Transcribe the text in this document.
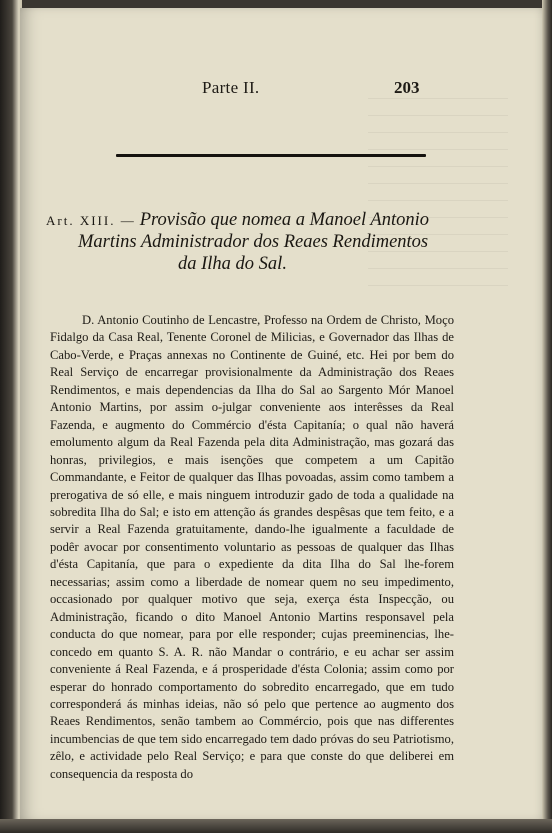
Parte II.	203
Art. XIII. — Provisão que nomea a Manoel Antonio
Martins Administrador dos Reaes Rendimentos
da Ilha do Sal.

D. Antonio Coutinho de Lencastre, Professo na Ordem de Christo, Moço Fidalgo da Casa Real, Tenente Coronel de Milicias, e Governador das Ilhas de Cabo-Verde, e Praças annexas no Continente de Guiné, etc. Hei por bem do Real Serviço de encarregar provisionalmente da Administração dos Reaes Rendimentos, e mais dependencias da Ilha do Sal ao Sargento Mór Manoel Antonio Martins, por assim o-julgar conveniente aos interêsses da Real Fazenda, e augmento do Commércio d'ésta Capitanía; o qual não haverá emolumento algum da Real Fazenda pela dita Administração, mas gozará das honras, privilegios, e mais isenções que competem a um Capitão Commandante, e Feitor de qualquer das Ilhas povoadas, assim como tambem a prerogativa de só elle, e mais ninguem introduzir gado de toda a qualidade na sobredita Ilha do Sal; e isto em attenção ás grandes despêsas que tem feito, e a servir a Real Fazenda gratuitamente, dando-lhe igualmente a faculdade de podêr avocar por consentimento voluntario as pessoas de qualquer das Ilhas d'ésta Capitanía, que para o expediente da dita Ilha do Sal lhe-forem necessarias; assim como a liberdade de nomear quem no seu impedimento, occasionado por qualquer motivo que seja, exerça ésta Inspecção, ou Administração, ficando o dito Manoel Antonio Martins responsavel pela conducta do que nomear, para por elle responder; cujas preeminencias, lhe-concedo em quanto S. A. R. não Mandar o contrário, e eu achar ser assim conveniente á Real Fazenda, e á prosperidade d'ésta Colonia; assim como por esperar do honrado comportamento do sobredito encarregado, que em tudo corresponderá ás minhas ideias, não só pelo que pertence ao augmento dos Reaes Rendimentos, senão tambem ao Commércio, pois que nas differentes incumbencias de que tem sido encarregado tem dado próvas do seu Patriotismo, zêlo, e actividade pelo Real Serviço; e para que conste do que deliberei em consequencia da resposta do
